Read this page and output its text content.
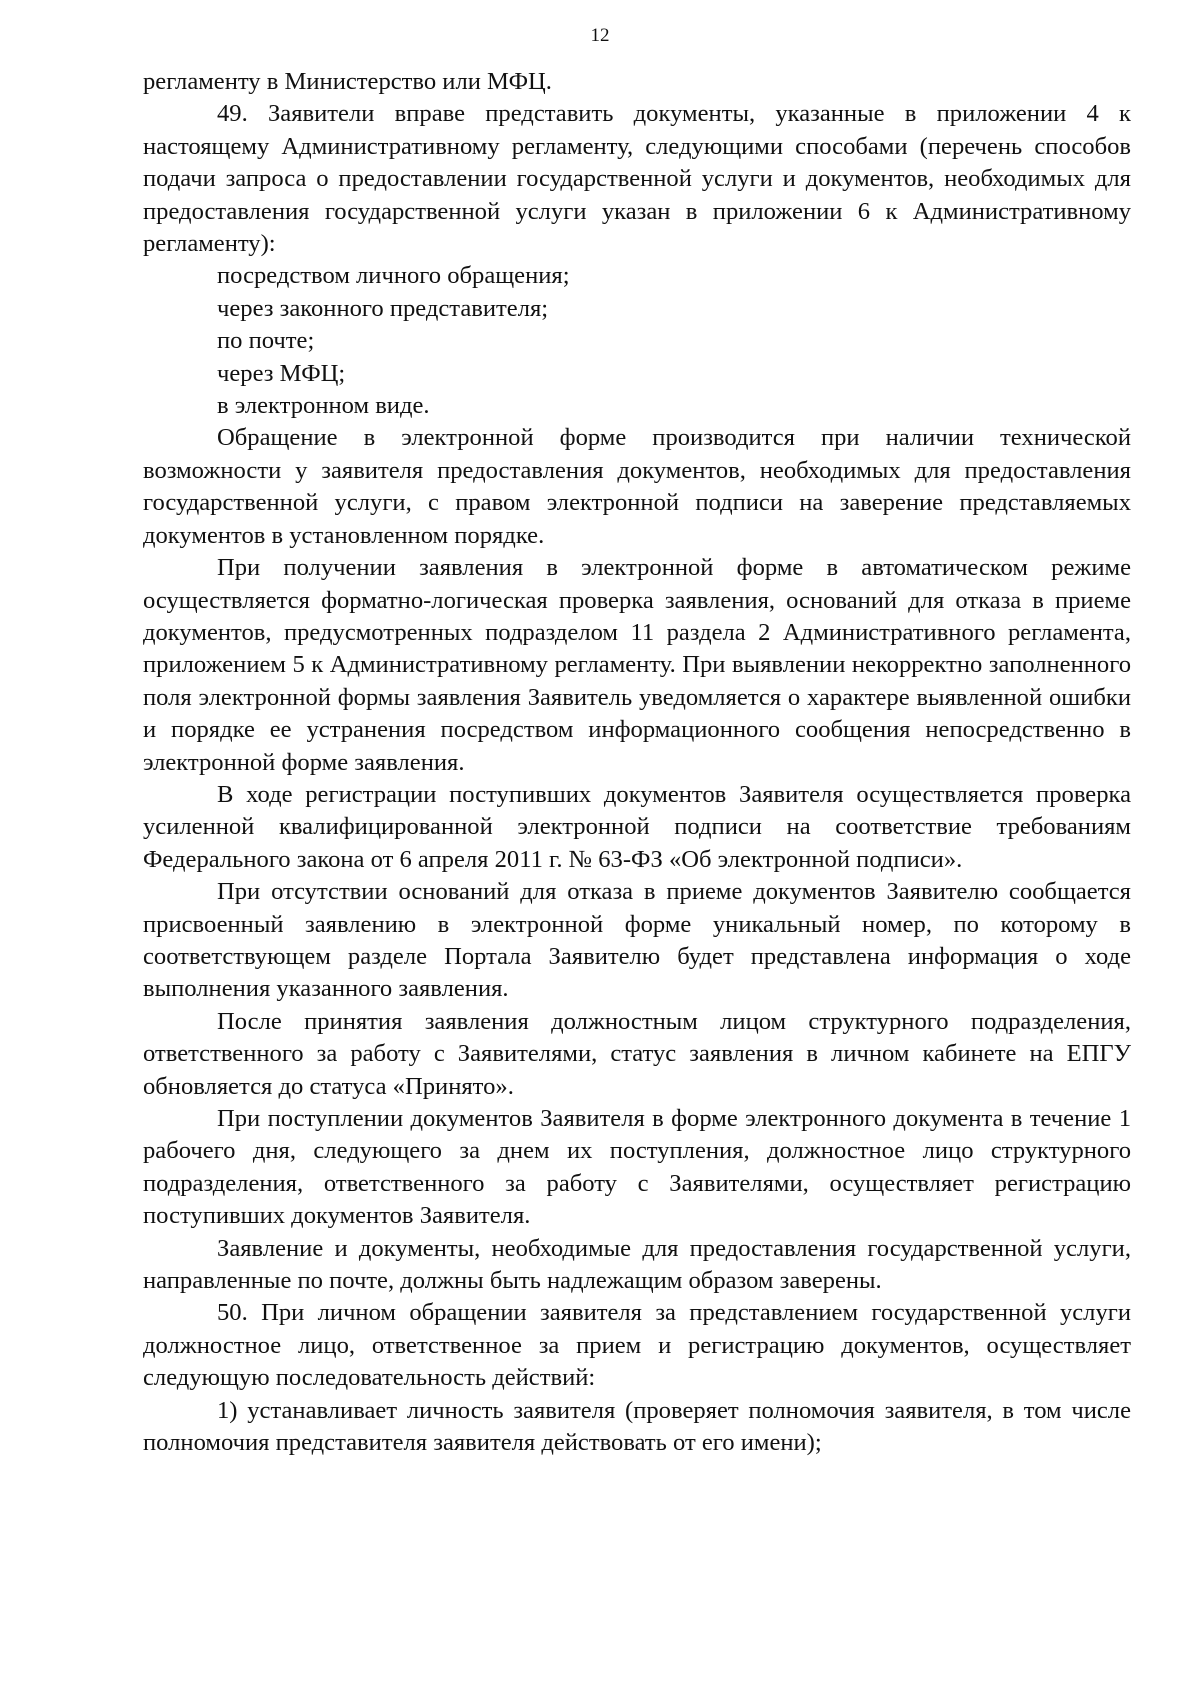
12

регламенту в Министерство или МФЦ.

49. Заявители вправе представить документы, указанные в приложении 4 к настоящему Административному регламенту, следующими способами (перечень способов подачи запроса о предоставлении государственной услуги и документов, необходимых для предоставления государственной услуги указан в приложении 6 к Административному регламенту):

посредством личного обращения;

через законного представителя;

по почте;

через МФЦ;

в электронном виде.

Обращение в электронной форме производится при наличии технической возможности у заявителя предоставления документов, необходимых для предоставления государственной услуги, с правом электронной подписи на заверение представляемых документов в установленном порядке.

При получении заявления в электронной форме в автоматическом режиме осуществляется форматно-логическая проверка заявления, оснований для отказа в приеме документов, предусмотренных подразделом 11 раздела 2 Административного регламента, приложением 5 к Административному регламенту. При выявлении некорректно заполненного поля электронной формы заявления Заявитель уведомляется о характере выявленной ошибки и порядке ее устранения посредством информационного сообщения непосредственно в электронной форме заявления.

В ходе регистрации поступивших документов Заявителя осуществляется проверка усиленной квалифицированной электронной подписи на соответствие требованиям Федерального закона от 6 апреля 2011 г. № 63-ФЗ «Об электронной подписи».

При отсутствии оснований для отказа в приеме документов Заявителю сообщается присвоенный заявлению в электронной форме уникальный номер, по которому в соответствующем разделе Портала Заявителю будет представлена информация о ходе выполнения указанного заявления.

После принятия заявления должностным лицом структурного подразделения, ответственного за работу с Заявителями, статус заявления в личном кабинете на ЕПГУ обновляется до статуса «Принято».

При поступлении документов Заявителя в форме электронного документа в течение 1 рабочего дня, следующего за днем их поступления, должностное лицо структурного подразделения, ответственного за работу с Заявителями, осуществляет регистрацию поступивших документов Заявителя.

Заявление и документы, необходимые для предоставления государственной услуги, направленные по почте, должны быть надлежащим образом заверены.

50. При личном обращении заявителя за представлением государственной услуги должностное лицо, ответственное за прием и регистрацию документов, осуществляет следующую последовательность действий:

1) устанавливает личность заявителя (проверяет полномочия заявителя, в том числе полномочия представителя заявителя действовать от его имени);
